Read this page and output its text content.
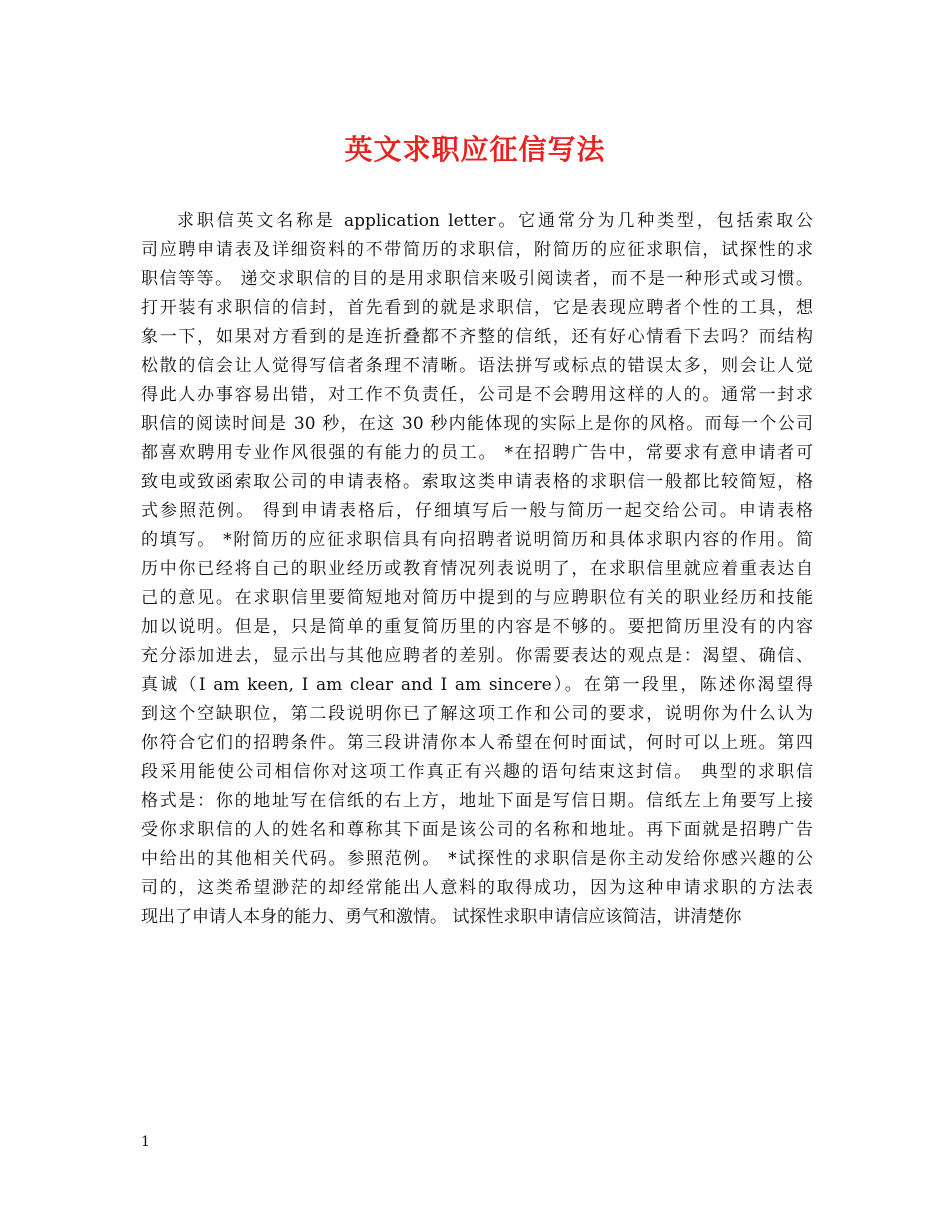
英文求职应征信写法
求职信英文名称是 application letter。它通常分为几种类型，包括索取公
司应聘申请表及详细资料的不带简历的求职信，附简历的应征求职信，试探性的求
职信等等。 递交求职信的目的是用求职信来吸引阅读者，而不是一种形式或习惯。
打开装有求职信的信封，首先看到的就是求职信，它是表现应聘者个性的工具，想
象一下，如果对方看到的是连折叠都不齐整的信纸，还有好心情看下去吗？而结构
松散的信会让人觉得写信者条理不清晰。语法拼写或标点的错误太多，则会让人觉
得此人办事容易出错，对工作不负责任，公司是不会聘用这样的人的。通常一封求
职信的阅读时间是 30 秒，在这 30 秒内能体现的实际上是你的风格。而每一个公司
都喜欢聘用专业作风很强的有能力的员工。 *在招聘广告中，常要求有意申请者可
致电或致函索取公司的申请表格。索取这类申请表格的求职信一般都比较简短，格
式参照范例。 得到申请表格后，仔细填写后一般与简历一起交给公司。申请表格
的填写。 *附简历的应征求职信具有向招聘者说明简历和具体求职内容的作用。简
历中你已经将自己的职业经历或教育情况列表说明了，在求职信里就应着重表达自
己的意见。在求职信里要简短地对简历中提到的与应聘职位有关的职业经历和技能
加以说明。但是，只是简单的重复简历里的内容是不够的。要把简历里没有的内容
充分添加进去，显示出与其他应聘者的差别。你需要表达的观点是：渴望、确信、
真诚（I am keen, I am clear and I am sincere）。在第一段里，陈述你渴望得
到这个空缺职位，第二段说明你已了解这项工作和公司的要求，说明你为什么认为
你符合它们的招聘条件。第三段讲清你本人希望在何时面试，何时可以上班。第四
段采用能使公司相信你对这项工作真正有兴趣的语句结束这封信。 典型的求职信
格式是：你的地址写在信纸的右上方，地址下面是写信日期。信纸左上角要写上接
受你求职信的人的姓名和尊称其下面是该公司的名称和地址。再下面就是招聘广告
中给出的其他相关代码。参照范例。 *试探性的求职信是你主动发给你感兴趣的公
司的，这类希望渺茫的却经常能出人意料的取得成功，因为这种申请求职的方法表
现出了申请人本身的能力、勇气和激情。 试探性求职申请信应该简洁，讲清楚你
1
